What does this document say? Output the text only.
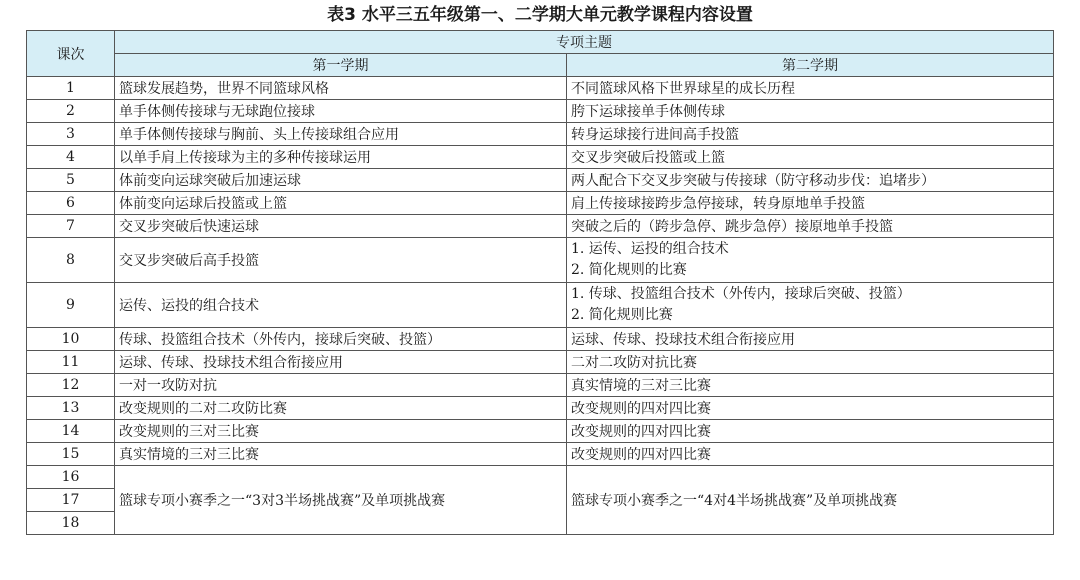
表3 水平三五年级第一、二学期大单元教学课程内容设置
课次	专项主题	
	第一学期	第二学期
1	篮球发展趋势，世界不同篮球风格	不同篮球风格下世界球星的成长历程
2	单手体侧传接球与无球跑位接球	胯下运球接单手体侧传球
3	单手体侧传接球与胸前、头上传接球组合应用	转身运球接行进间高手投篮
4	以单手肩上传接球为主的多种传接球运用	交叉步突破后投篮或上篮
5	体前变向运球突破后加速运球	两人配合下交叉步突破与传接球（防守移动步伐：追堵步）
6	体前变向运球后投篮或上篮	肩上传接球接跨步急停接球，转身原地单手投篮
7	交叉步突破后快速运球	突破之后的（跨步急停、跳步急停）接原地单手投篮
8	交叉步突破后高手投篮	1. 运传、运投的组合技术
2. 简化规则的比赛

9	运传、运投的组合技术	1. 传球、投篮组合技术（外传内，接球后突破、投篮）
2. 简化规则比赛

10	传球、投篮组合技术（外传内，接球后突破、投篮）	运球、传球、投球技术组合衔接应用
11	运球、传球、投球技术组合衔接应用	二对二攻防对抗比赛
12	一对一攻防对抗	真实情境的三对三比赛
13	改变规则的二对二攻防比赛	改变规则的四对四比赛
14	改变规则的三对三比赛	改变规则的四对四比赛
15	真实情境的三对三比赛	改变规则的四对四比赛
16	篮球专项小赛季之一“3对3半场挑战赛”及单项挑战赛	篮球专项小赛季之一“4对4半场挑战赛”及单项挑战赛
17		
18		
